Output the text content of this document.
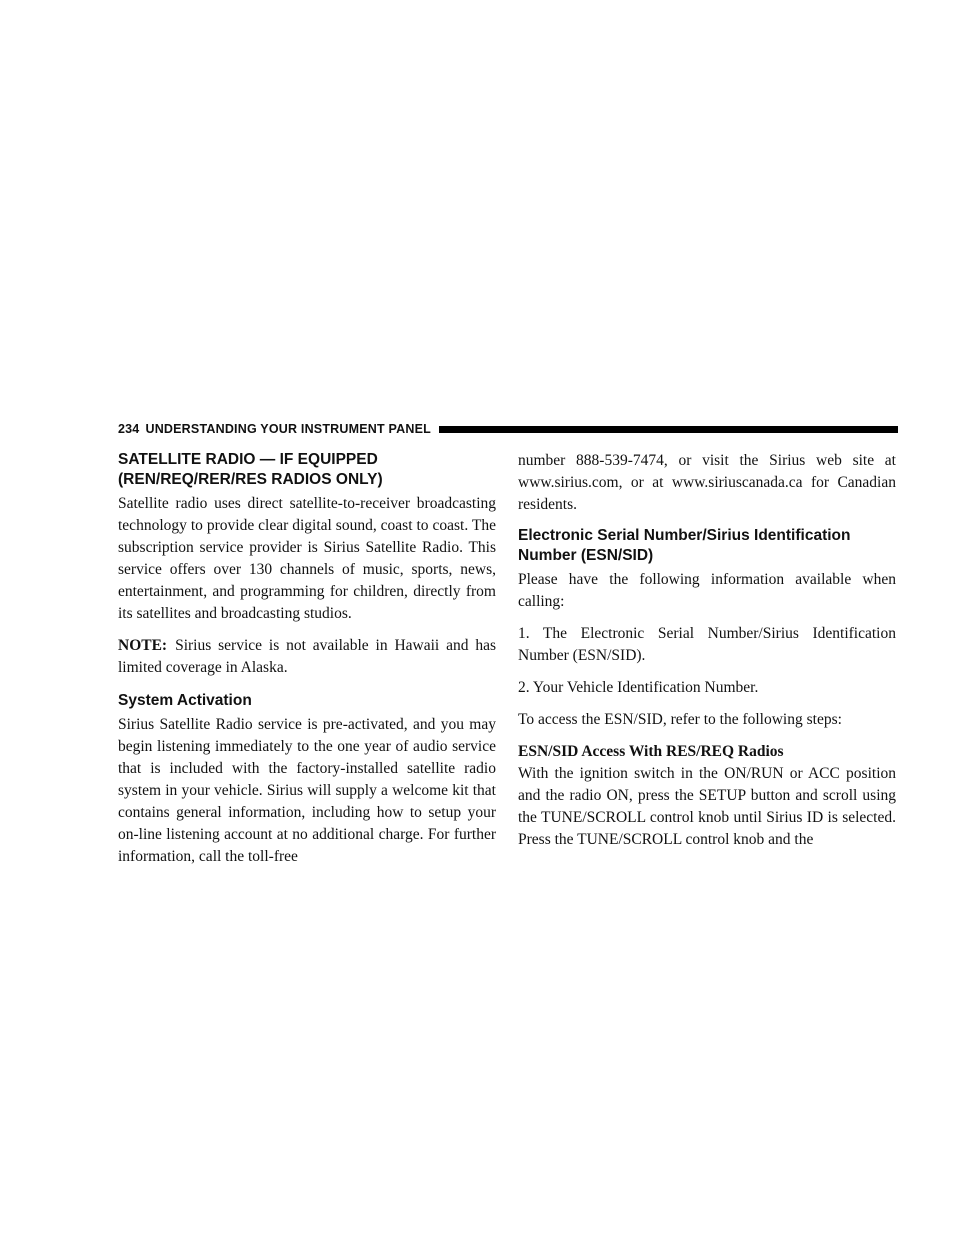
234 UNDERSTANDING YOUR INSTRUMENT PANEL
SATELLITE RADIO — IF EQUIPPED
(REN/REQ/RER/RES RADIOS ONLY)

Satellite radio uses direct satellite-to-receiver broadcasting technology to provide clear digital sound, coast to coast. The subscription service provider is Sirius Satellite Radio. This service offers over 130 channels of music, sports, news, entertainment, and programming for children, directly from its satellites and broadcasting studios.

NOTE: Sirius service is not available in Hawaii and has limited coverage in Alaska.

System Activation

Sirius Satellite Radio service is pre-activated, and you may begin listening immediately to the one year of audio service that is included with the factory-installed satellite radio system in your vehicle. Sirius will supply a welcome kit that contains general information, including how to setup your on-line listening account at no additional charge. For further information, call the toll-free

number 888-539-7474, or visit the Sirius web site at www.sirius.com, or at www.siriuscanada.ca for Canadian residents.

Electronic Serial Number/Sirius Identification
Number (ESN/SID)

Please have the following information available when calling:

1. The Electronic Serial Number/Sirius Identification Number (ESN/SID).

2. Your Vehicle Identification Number.

To access the ESN/SID, refer to the following steps:

ESN/SID Access With RES/REQ Radios

With the ignition switch in the ON/RUN or ACC position and the radio ON, press the SETUP button and scroll using the TUNE/SCROLL control knob until Sirius ID is selected. Press the TUNE/SCROLL control knob and the
